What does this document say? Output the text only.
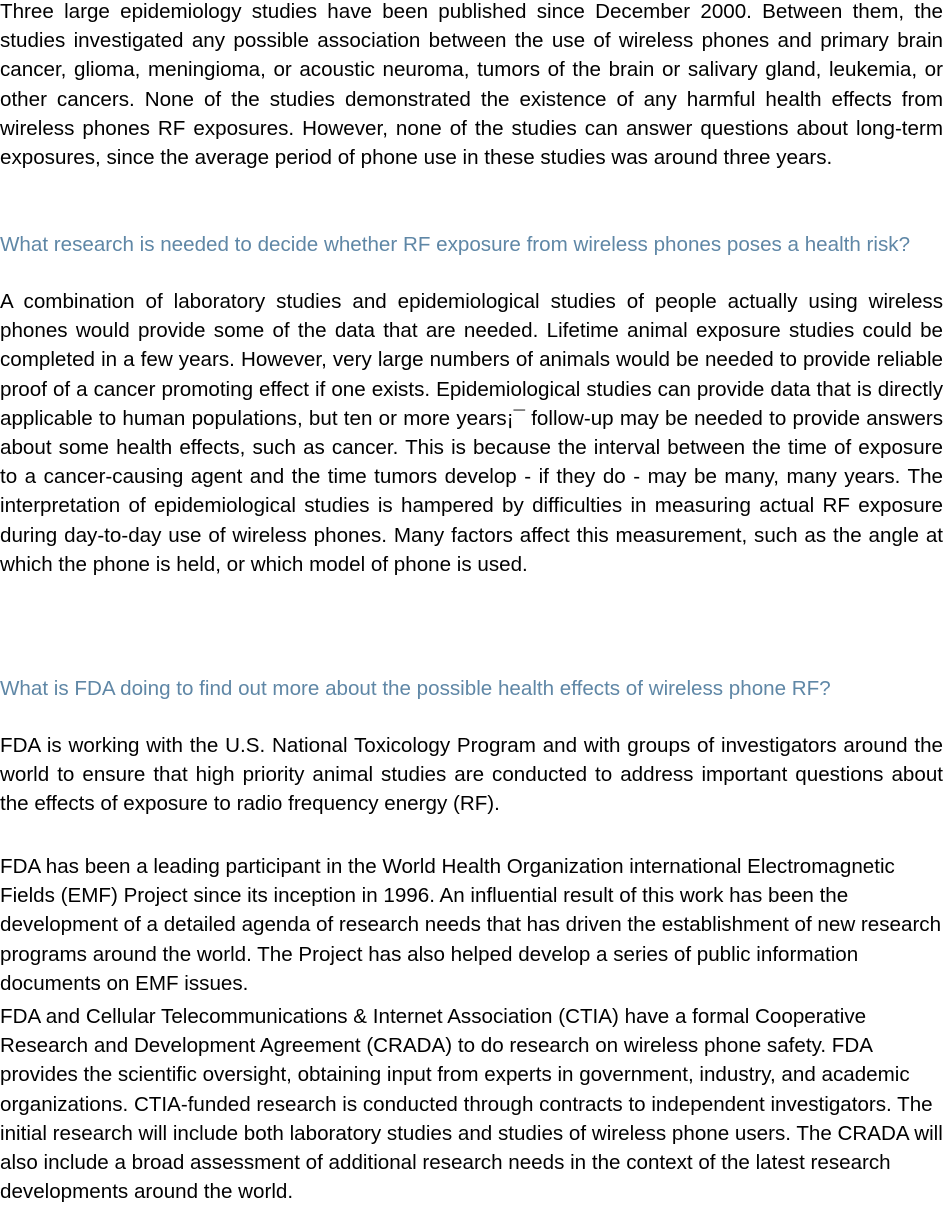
Three large epidemiology studies have been published since December 2000. Between them, the studies investigated any possible association between the use of wireless phones and primary brain cancer, glioma, meningioma, or acoustic neuroma, tumors of the brain or salivary gland, leukemia, or other cancers. None of the studies demonstrated the existence of any harmful health effects from wireless phones RF exposures. However, none of the studies can answer questions about long-term exposures, since the average period of phone use in these studies was around three years.

What research is needed to decide whether RF exposure from wireless phones poses a health risk?

A combination of laboratory studies and epidemiological studies of people actually using wireless phones would provide some of the data that are needed. Lifetime animal exposure studies could be completed in a few years. However, very large numbers of animals would be needed to provide reliable proof of a cancer promoting effect if one exists. Epidemiological studies can provide data that is directly applicable to human populations, but ten or more years¡¯ follow-up may be needed to provide answers about some health effects, such as cancer. This is because the interval between the time of exposure to a cancer-causing agent and the time tumors develop - if they do - may be many, many years. The interpretation of epidemiological studies is hampered by difficulties in measuring actual RF exposure during day-to-day use of wireless phones. Many factors affect this measurement, such as the angle at which the phone is held, or which model of phone is used.

What is FDA doing to find out more about the possible health effects of wireless phone RF?

FDA is working with the U.S. National Toxicology Program and with groups of investigators around the world to ensure that high priority animal studies are conducted to address important questions about the effects of exposure to radio frequency energy (RF).

FDA has been a leading participant in the World Health Organization international Electromagnetic Fields (EMF) Project since its inception in 1996. An influential result of this work has been the development of a detailed agenda of research needs that has driven the establishment of new research programs around the world. The Project has also helped develop a series of public information documents on EMF issues.

FDA and Cellular Telecommunications & Internet Association (CTIA) have a formal Cooperative Research and Development Agreement (CRADA) to do research on wireless phone safety. FDA provides the scientific oversight, obtaining input from experts in government, industry, and academic organizations. CTIA-funded research is conducted through contracts to independent investigators. The initial research will include both laboratory studies and studies of wireless phone users. The CRADA will also include a broad assessment of additional research needs in the context of the latest research developments around the world.
